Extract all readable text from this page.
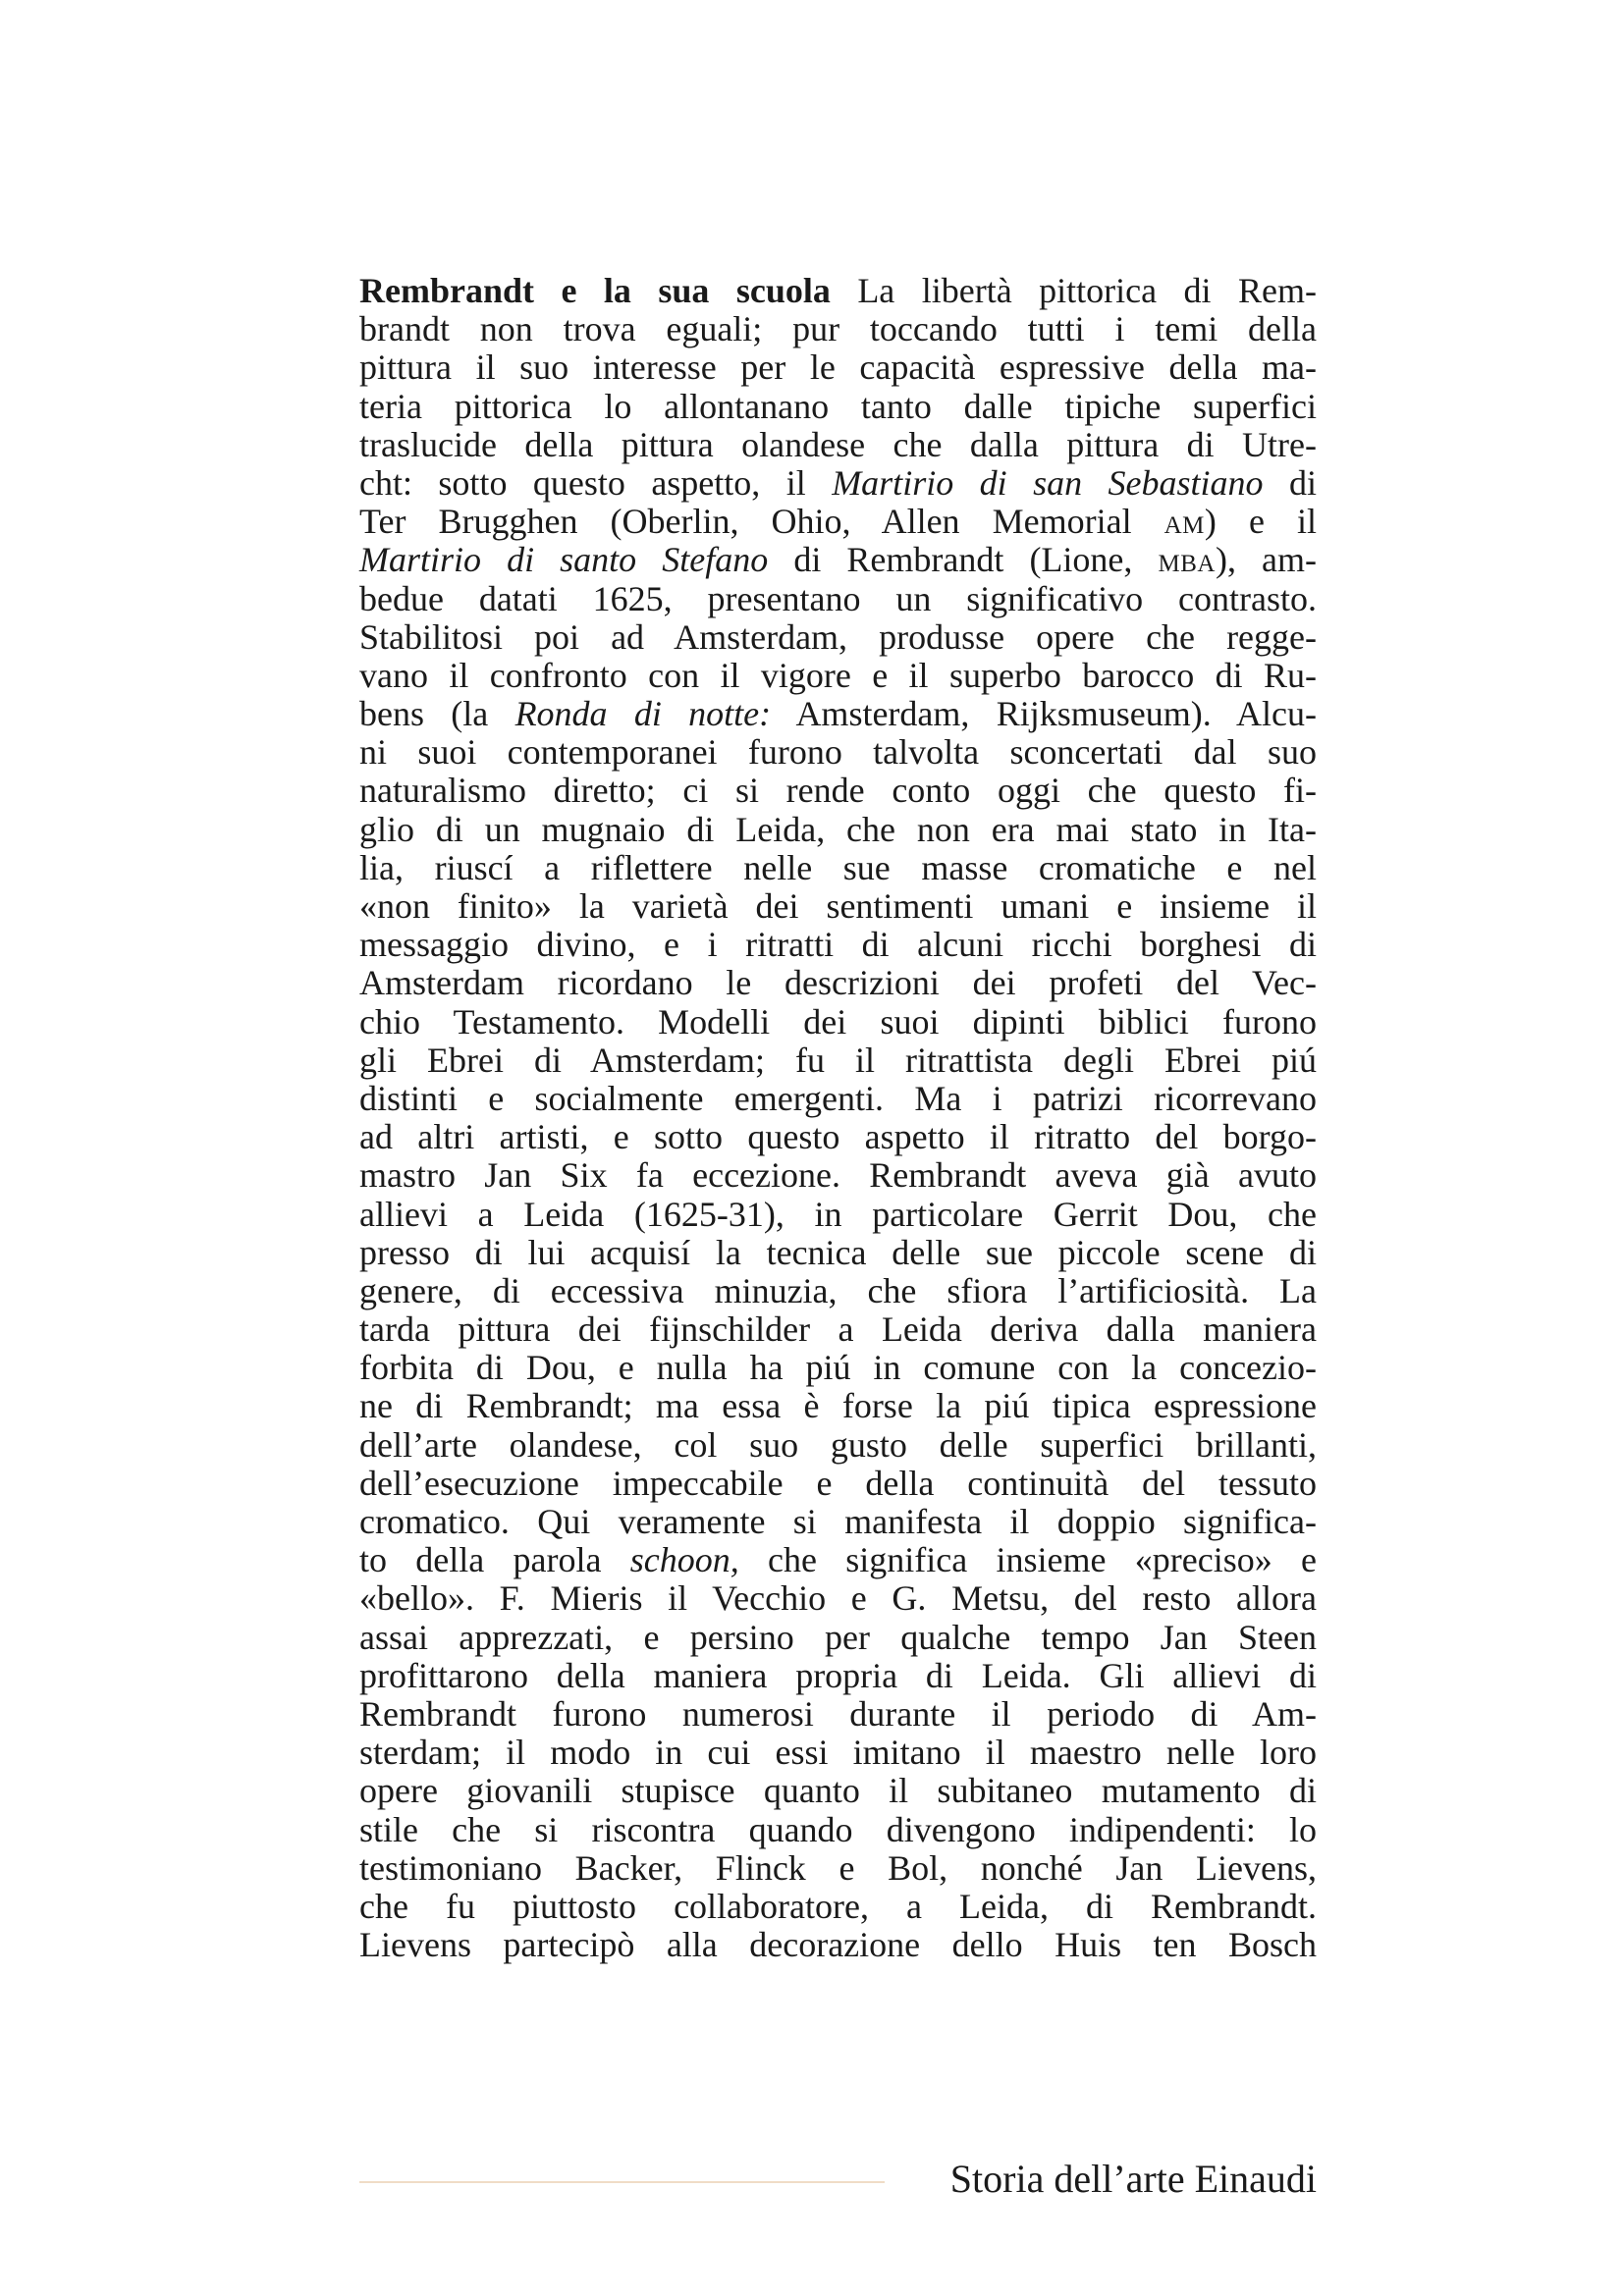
Rembrandt e la sua scuola La libertà pittorica di Rem-
brandt non trova eguali; pur toccando tutti i temi della
pittura il suo interesse per le capacità espressive della ma-
teria pittorica lo allontanano tanto dalle tipiche superfici
traslucide della pittura olandese che dalla pittura di Utre-
cht: sotto questo aspetto, il Martirio di san Sebastiano di
Ter Brugghen (Oberlin, Ohio, Allen Memorial am) e il
Martirio di santo Stefano di Rembrandt (Lione, mba), am-
bedue datati 1625, presentano un significativo contrasto.
Stabilitosi poi ad Amsterdam, produsse opere che regge-
vano il confronto con il vigore e il superbo barocco di Ru-
bens (la Ronda di notte: Amsterdam, Rijksmuseum). Alcu-
ni suoi contemporanei furono talvolta sconcertati dal suo
naturalismo diretto; ci si rende conto oggi che questo fi-
glio di un mugnaio di Leida, che non era mai stato in Ita-
lia, riuscí a riflettere nelle sue masse cromatiche e nel
«non finito» la varietà dei sentimenti umani e insieme il
messaggio divino, e i ritratti di alcuni ricchi borghesi di
Amsterdam ricordano le descrizioni dei profeti del Vec-
chio Testamento. Modelli dei suoi dipinti biblici furono
gli Ebrei di Amsterdam; fu il ritrattista degli Ebrei piú
distinti e socialmente emergenti. Ma i patrizi ricorrevano
ad altri artisti, e sotto questo aspetto il ritratto del borgo-
mastro Jan Six fa eccezione. Rembrandt aveva già avuto
allievi a Leida (1625-31), in particolare Gerrit Dou, che
presso di lui acquisí la tecnica delle sue piccole scene di
genere, di eccessiva minuzia, che sfiora l’artificiosità. La
tarda pittura dei fijnschilder a Leida deriva dalla maniera
forbita di Dou, e nulla ha piú in comune con la concezio-
ne di Rembrandt; ma essa è forse la piú tipica espressione
dell’arte olandese, col suo gusto delle superfici brillanti,
dell’esecuzione impeccabile e della continuità del tessuto
cromatico. Qui veramente si manifesta il doppio significa-
to della parola schoon, che significa insieme «preciso» e
«bello». F. Mieris il Vecchio e G. Metsu, del resto allora
assai apprezzati, e persino per qualche tempo Jan Steen
profittarono della maniera propria di Leida. Gli allievi di
Rembrandt furono numerosi durante il periodo di Am-
sterdam; il modo in cui essi imitano il maestro nelle loro
opere giovanili stupisce quanto il subitaneo mutamento di
stile che si riscontra quando divengono indipendenti: lo
testimoniano Backer, Flinck e Bol, nonché Jan Lievens,
che fu piuttosto collaboratore, a Leida, di Rembrandt.
Lievens partecipò alla decorazione dello Huis ten Bosch
Storia dell’arte Einaudi
